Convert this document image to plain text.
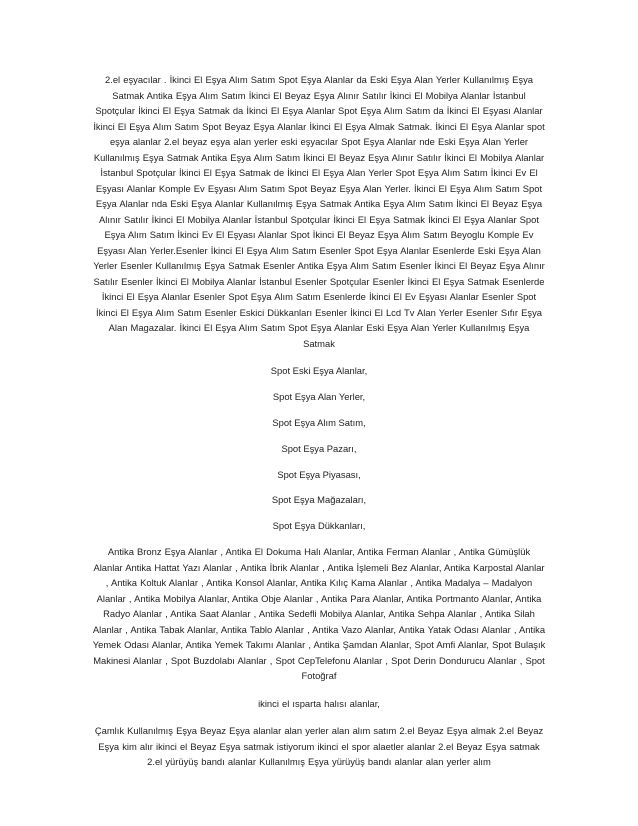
2.el eşyacılar . İkinci El Eşya Alım Satım Spot Eşya Alanlar da Eski Eşya Alan Yerler Kullanılmış Eşya Satmak Antika Eşya Alım Satım İkinci El Beyaz Eşya Alınır Satılır İkinci El Mobilya Alanlar İstanbul Spotçular İkinci El Eşya Satmak da İkinci El Eşya Alanlar Spot Eşya Alım Satım da İkinci El Eşyası Alanlar İkinci El Eşya Alım Satım Spot Beyaz Eşya Alanlar İkinci El Eşya Almak Satmak. İkinci El Eşya Alanlar spot eşya alanlar 2.el beyaz eşya alan yerler eski eşyacılar Spot Eşya Alanlar nde Eski Eşya Alan Yerler Kullanılmış Eşya Satmak Antika Eşya Alım Satım İkinci El Beyaz Eşya Alınır Satılır İkinci El Mobilya Alanlar İstanbul Spotçular İkinci El Eşya Satmak de İkinci El Eşya Alan Yerler Spot Eşya Alım Satım İkinci Ev El Eşyası Alanlar Komple Ev Eşyası Alım Satım Spot Beyaz Eşya Alan Yerler. İkinci El Eşya Alım Satım Spot Eşya Alanlar nda Eski Eşya Alanlar Kullanılmış Eşya Satmak Antika Eşya Alım Satım İkinci El Beyaz Eşya Alınır Satılır İkinci El Mobilya Alanlar İstanbul Spotçular İkinci El Eşya Satmak İkinci El Eşya Alanlar Spot Eşya Alım Satım İkinci Ev El Eşyası Alanlar Spot İkinci El Beyaz Eşya Alım Satım Beyoglu Komple Ev Eşyası Alan Yerler.Esenler İkinci El Eşya Alım Satım Esenler Spot Eşya Alanlar Esenlerde Eski Eşya Alan Yerler Esenler Kullanılmış Eşya Satmak Esenler Antika Eşya Alım Satım Esenler İkinci El Beyaz Eşya Alınır Satılır Esenler İkinci El Mobilya Alanlar İstanbul Esenler Spotçular Esenler İkinci El Eşya Satmak Esenlerde İkinci El Eşya Alanlar Esenler Spot Eşya Alım Satım Esenlerde İkinci El Ev Eşyası Alanlar Esenler Spot İkinci El Eşya Alım Satım Esenler Eskici Dükkanları Esenler İkinci El Lcd Tv Alan Yerler Esenler Sıfır Eşya Alan Magazalar. İkinci El Eşya Alım Satım Spot Eşya Alanlar Eski Eşya Alan Yerler Kullanılmış Eşya Satmak

Spot Eski Eşya Alanlar,

Spot Eşya Alan Yerler,

Spot Eşya Alım Satım,

Spot Eşya Pazarı,

Spot Eşya Piyasası,

Spot Eşya Mağazaları,

Spot Eşya Dükkanları,

Antika Bronz Eşya Alanlar , Antika El Dokuma Halı Alanlar, Antika Ferman Alanlar , Antika Gümüşlük Alanlar Antika Hattat Yazı Alanlar , Antika İbrik Alanlar , Antika İşlemeli Bez Alanlar, Antika Karpostal Alanlar , Antika Koltuk Alanlar , Antika Konsol Alanlar, Antika Kılıç Kama Alanlar , Antika Madalya – Madalyon Alanlar , Antika Mobilya Alanlar, Antika Obje Alanlar , Antika Para Alanlar, Antika Portmanto Alanlar, Antika Radyo Alanlar , Antika Saat Alanlar , Antika Sedefli Mobilya Alanlar, Antika Sehpa Alanlar , Antika Silah Alanlar , Antika Tabak Alanlar, Antika Tablo Alanlar , Antika Vazo Alanlar, Antika Yatak Odası Alanlar , Antika Yemek Odası Alanlar, Antika Yemek Takımı Alanlar , Antika Şamdan Alanlar, Spot Amfi Alanlar, Spot Bulaşık Makinesi Alanlar , Spot Buzdolabı Alanlar , Spot CepTelefonu Alanlar , Spot Derin Dondurucu Alanlar , Spot Fotoğraf

ikinci el ısparta halısı alanlar,

Çamlık Kullanılmış Eşya Beyaz Eşya alanlar alan yerler alan alım satım 2.el Beyaz Eşya almak 2.el Beyaz Eşya kim alır ikinci el Beyaz Eşya satmak istiyorum ikinci el spor alaetler alanlar 2.el Beyaz Eşya satmak 2.el yürüyüş bandı alanlar Kullanılmış Eşya yürüyüş bandı alanlar alan yerler alım
